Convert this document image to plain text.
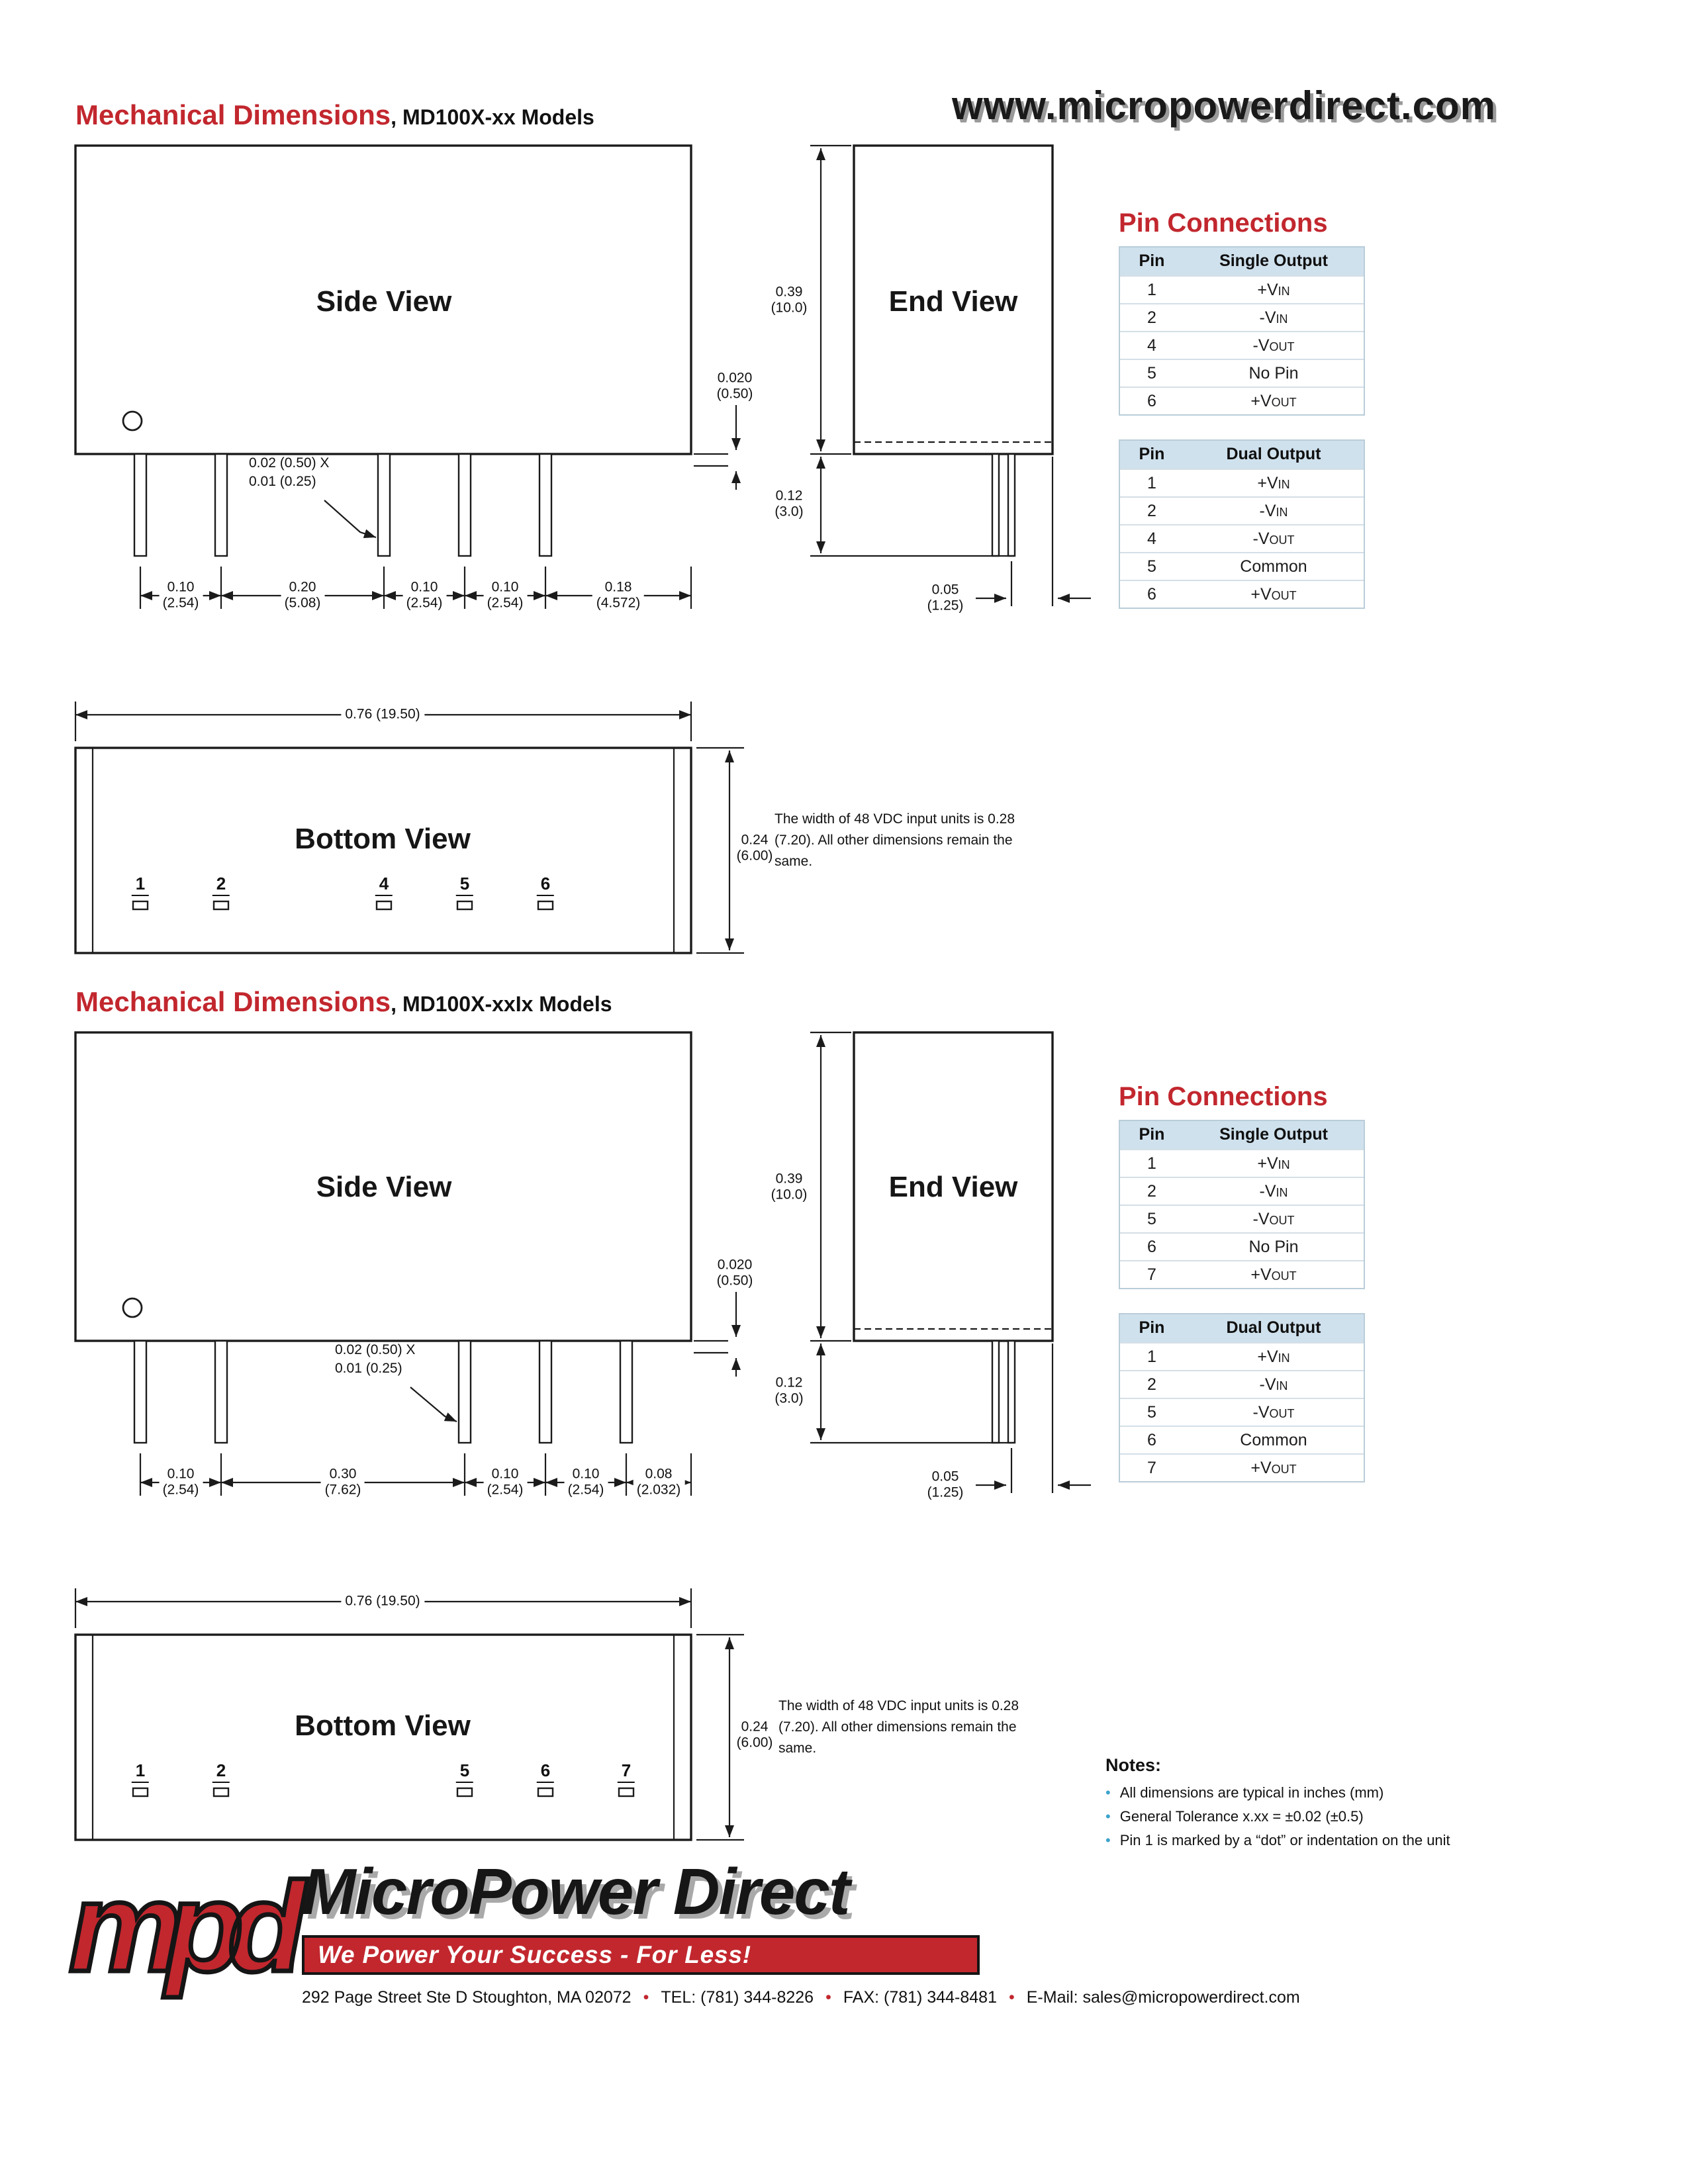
Mechanical Dimensions, MD100X-xx Models	www.micropowerdirect.com
Mechanical Dimensions, MD100X-xxIx Models
Side View	End View
Bottom View
0.02 (0.50) X
0.01 (0.25)
0.020
(0.50)
0.39
(10.0)
0.12
(3.0)
0.05
(1.25)
0.10
(2.54)
0.20
(5.08)
0.10
(2.54)
0.10
(2.54)
0.18
(4.572)
0.76 (19.50)
0.24
(6.00)
1	2	4	5	6
The width of 48 VDC input units is 0.28 (7.20). All other dimensions remain the same.
Pin Connections
Pin	Single Output
1	+VIN
2	-VIN
4	-VOUT
5	No Pin
6	+VOUT
Pin	Dual Output
1	+VIN
2	-VIN
4	-VOUT
5	Common
6	+VOUT
Side View	End View
Bottom View
0.02 (0.50) X
0.01 (0.25)
0.020
(0.50)
0.39
(10.0)
0.12
(3.0)
0.05
(1.25)
0.10
(2.54)
0.30
(7.62)
0.10
(2.54)
0.10
(2.54)
0.08
(2.032)
0.76 (19.50)
0.24
(6.00)
1	2	5	6	7
The width of 48 VDC input units is 0.28 (7.20). All other dimensions remain the same.
Pin Connections
Pin	Single Output
1	+VIN
2	-VIN
5	-VOUT
6	No Pin
7	+VOUT
Pin	Dual Output
1	+VIN
2	-VIN
5	-VOUT
6	Common
7	+VOUT
Notes:
• All dimensions are typical in inches (mm)
• General Tolerance x.xx = ±0.02 (±0.5)
• Pin 1 is marked by a “dot” or indentation on the unit
mpd MicroPower Direct
We Power Your Success - For Less!
292 Page Street Ste D Stoughton, MA 02072 • TEL: (781) 344-8226 • FAX: (781) 344-8481 • E-Mail: sales@micropowerdirect.com
